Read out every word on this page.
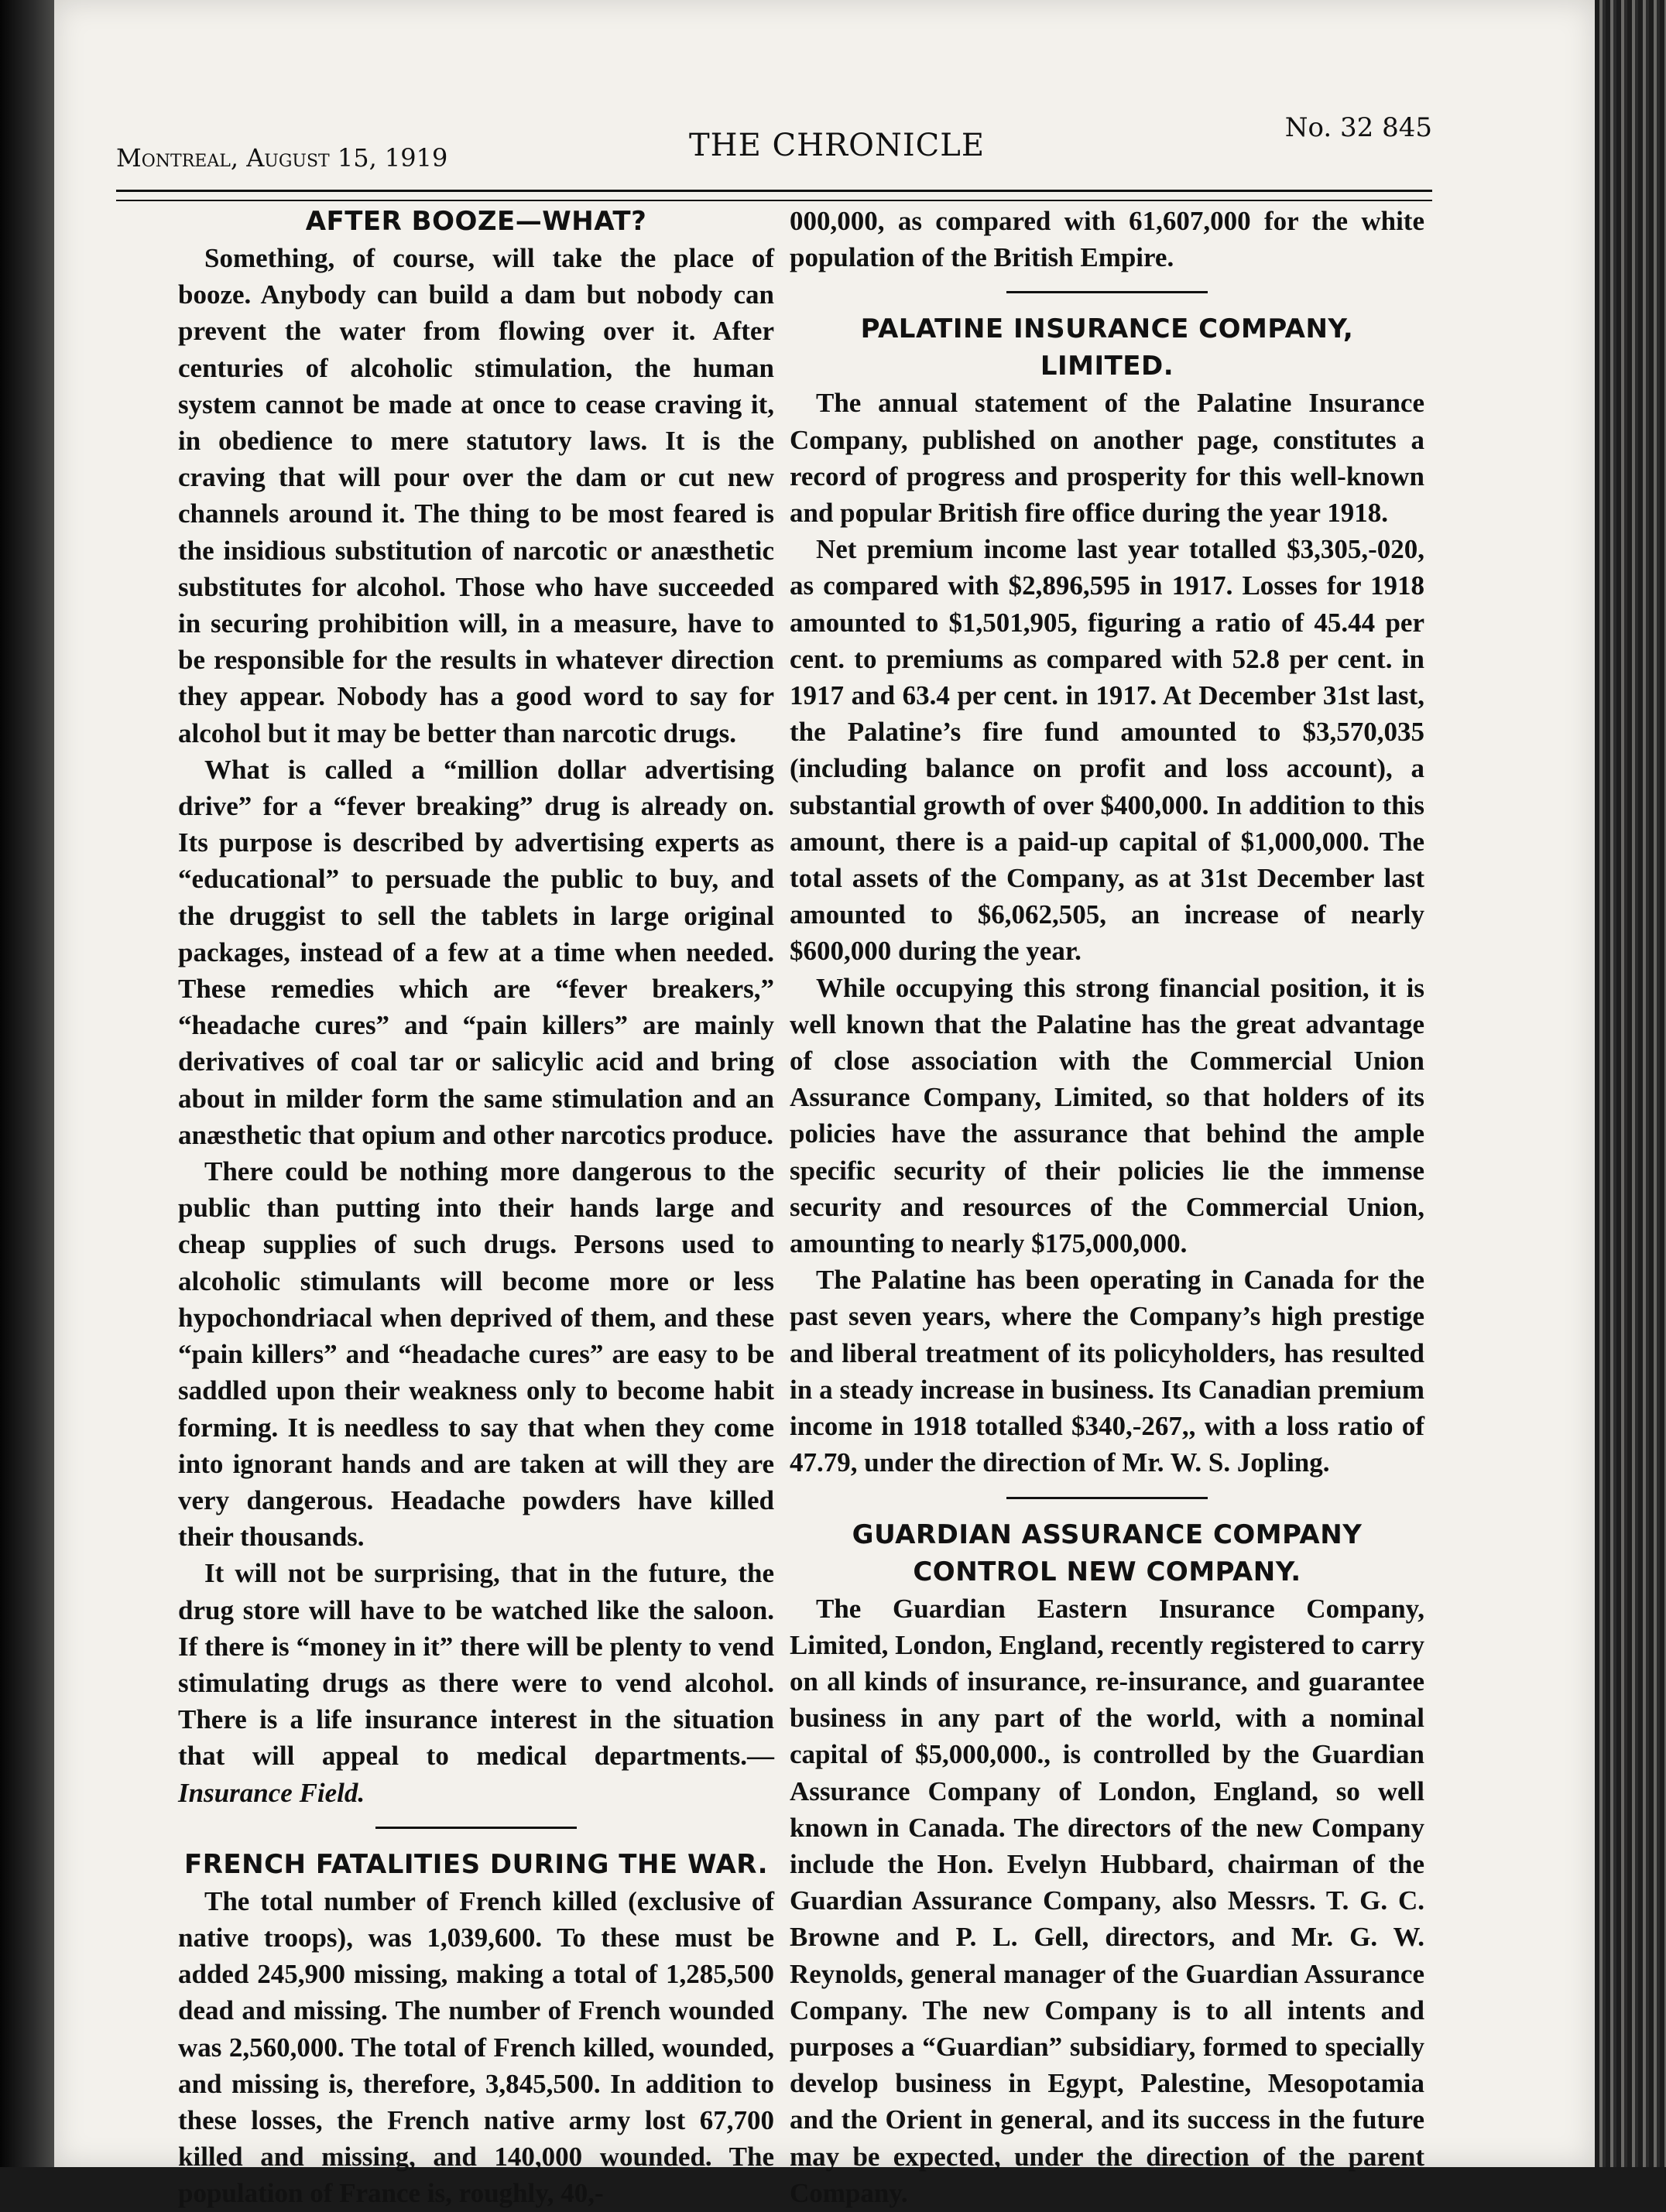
Montreal, August 15, 1919	THE CHRONICLE	No. 32 845
AFTER BOOZE—WHAT?

Something, of course, will take the place of booze. Anybody can build a dam but nobody can prevent the water from flowing over it. After centuries of alcoholic stimulation, the human system cannot be made at once to cease craving it, in obedience to mere statutory laws. It is the craving that will pour over the dam or cut new channels around it. The thing to be most feared is the insidious substitution of narcotic or anæsthetic substitutes for alcohol. Those who have succeeded in securing prohibition will, in a measure, have to be responsible for the results in whatever direction they appear. Nobody has a good word to say for alcohol but it may be better than narcotic drugs.

What is called a “million dollar advertising drive” for a “fever breaking” drug is already on. Its purpose is described by advertising experts as “educational” to persuade the public to buy, and the druggist to sell the tablets in large original packages, instead of a few at a time when needed. These remedies which are “fever breakers,” “headache cures” and “pain killers” are mainly derivatives of coal tar or salicylic acid and bring about in milder form the same stimulation and an anæsthetic that opium and other narcotics produce.

There could be nothing more dangerous to the public than putting into their hands large and cheap supplies of such drugs. Persons used to alcoholic stimulants will become more or less hypochondriacal when deprived of them, and these “pain killers” and “headache cures” are easy to be saddled upon their weakness only to become habit forming. It is needless to say that when they come into ignorant hands and are taken at will they are very dangerous. Headache powders have killed their thousands.

It will not be surprising, that in the future, the drug store will have to be watched like the saloon. If there is “money in it” there will be plenty to vend stimulating drugs as there were to vend alcohol. There is a life insurance interest in the situation that will appeal to medical departments.—Insurance Field.

FRENCH FATALITIES DURING THE WAR.

The total number of French killed (exclusive of native troops), was 1,039,600. To these must be added 245,900 missing, making a total of 1,285,500 dead and missing. The number of French wounded was 2,560,000. The total of French killed, wounded, and missing is, therefore, 3,845,500. In addition to these losses, the French native army lost 67,700 killed and missing, and 140,000 wounded. The population of France is, roughly, 40,-

000,000, as compared with 61,607,000 for the white population of the British Empire.

PALATINE INSURANCE COMPANY, LIMITED.

The annual statement of the Palatine Insurance Company, published on another page, constitutes a record of progress and prosperity for this well-known and popular British fire office during the year 1918.

Net premium income last year totalled $3,305,-020, as compared with $2,896,595 in 1917. Losses for 1918 amounted to $1,501,905, figuring a ratio of 45.44 per cent. to premiums as compared with 52.8 per cent. in 1917 and 63.4 per cent. in 1917. At December 31st last, the Palatine’s fire fund amounted to $3,570,035 (including balance on profit and loss account), a substantial growth of over $400,000. In addition to this amount, there is a paid-up capital of $1,000,000. The total assets of the Company, as at 31st December last amounted to $6,062,505, an increase of nearly $600,000 during the year.

While occupying this strong financial position, it is well known that the Palatine has the great advantage of close association with the Commercial Union Assurance Company, Limited, so that holders of its policies have the assurance that behind the ample specific security of their policies lie the immense security and resources of the Commercial Union, amounting to nearly $175,000,000.

The Palatine has been operating in Canada for the past seven years, where the Company’s high prestige and liberal treatment of its policyholders, has resulted in a steady increase in business. Its Canadian premium income in 1918 totalled $340,-267,, with a loss ratio of 47.79, under the direction of Mr. W. S. Jopling.

GUARDIAN ASSURANCE COMPANY CONTROL NEW COMPANY.

The Guardian Eastern Insurance Company, Limited, London, England, recently registered to carry on all kinds of insurance, re-insurance, and guarantee business in any part of the world, with a nominal capital of $5,000,000., is controlled by the Guardian Assurance Company of London, England, so well known in Canada. The directors of the new Company include the Hon. Evelyn Hubbard, chairman of the Guardian Assurance Company, also Messrs. T. G. C. Browne and P. L. Gell, directors, and Mr. G. W. Reynolds, general manager of the Guardian Assurance Company. The new Company is to all intents and purposes a “Guardian” subsidiary, formed to specially develop business in Egypt, Palestine, Mesopotamia and the Orient in general, and its success in the future may be expected, under the direction of the parent Company.
